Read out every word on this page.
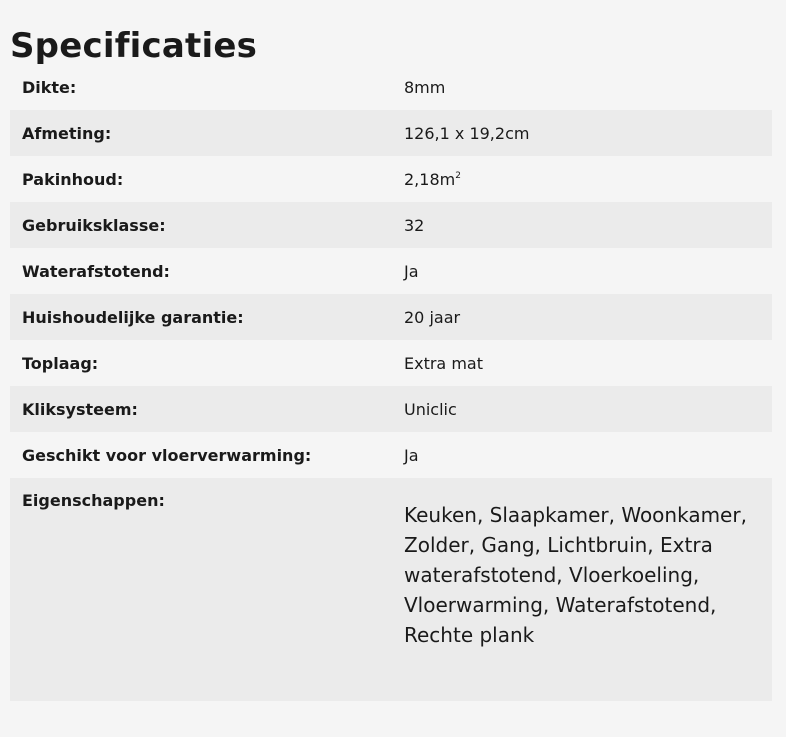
Specificaties
Dikte:	8mm
Afmeting:	126,1 x 19,2cm
Pakinhoud:	$2,18m^2$
Gebruiksklasse:	32
Waterafstotend:	Ja
Huishoudelijke garantie:	20 jaar
Toplaag:	Extra mat
Kliksysteem:	Uniclic
Geschikt voor vloerverwarming:	Ja
Eigenschappen:
Keuken, Slaapkamer, Woonkamer, Zolder, Gang, Lichtbruin, Extra waterafstotend, Vloerkoeling, Vloerwarming, Waterafstotend, Rechte plank
